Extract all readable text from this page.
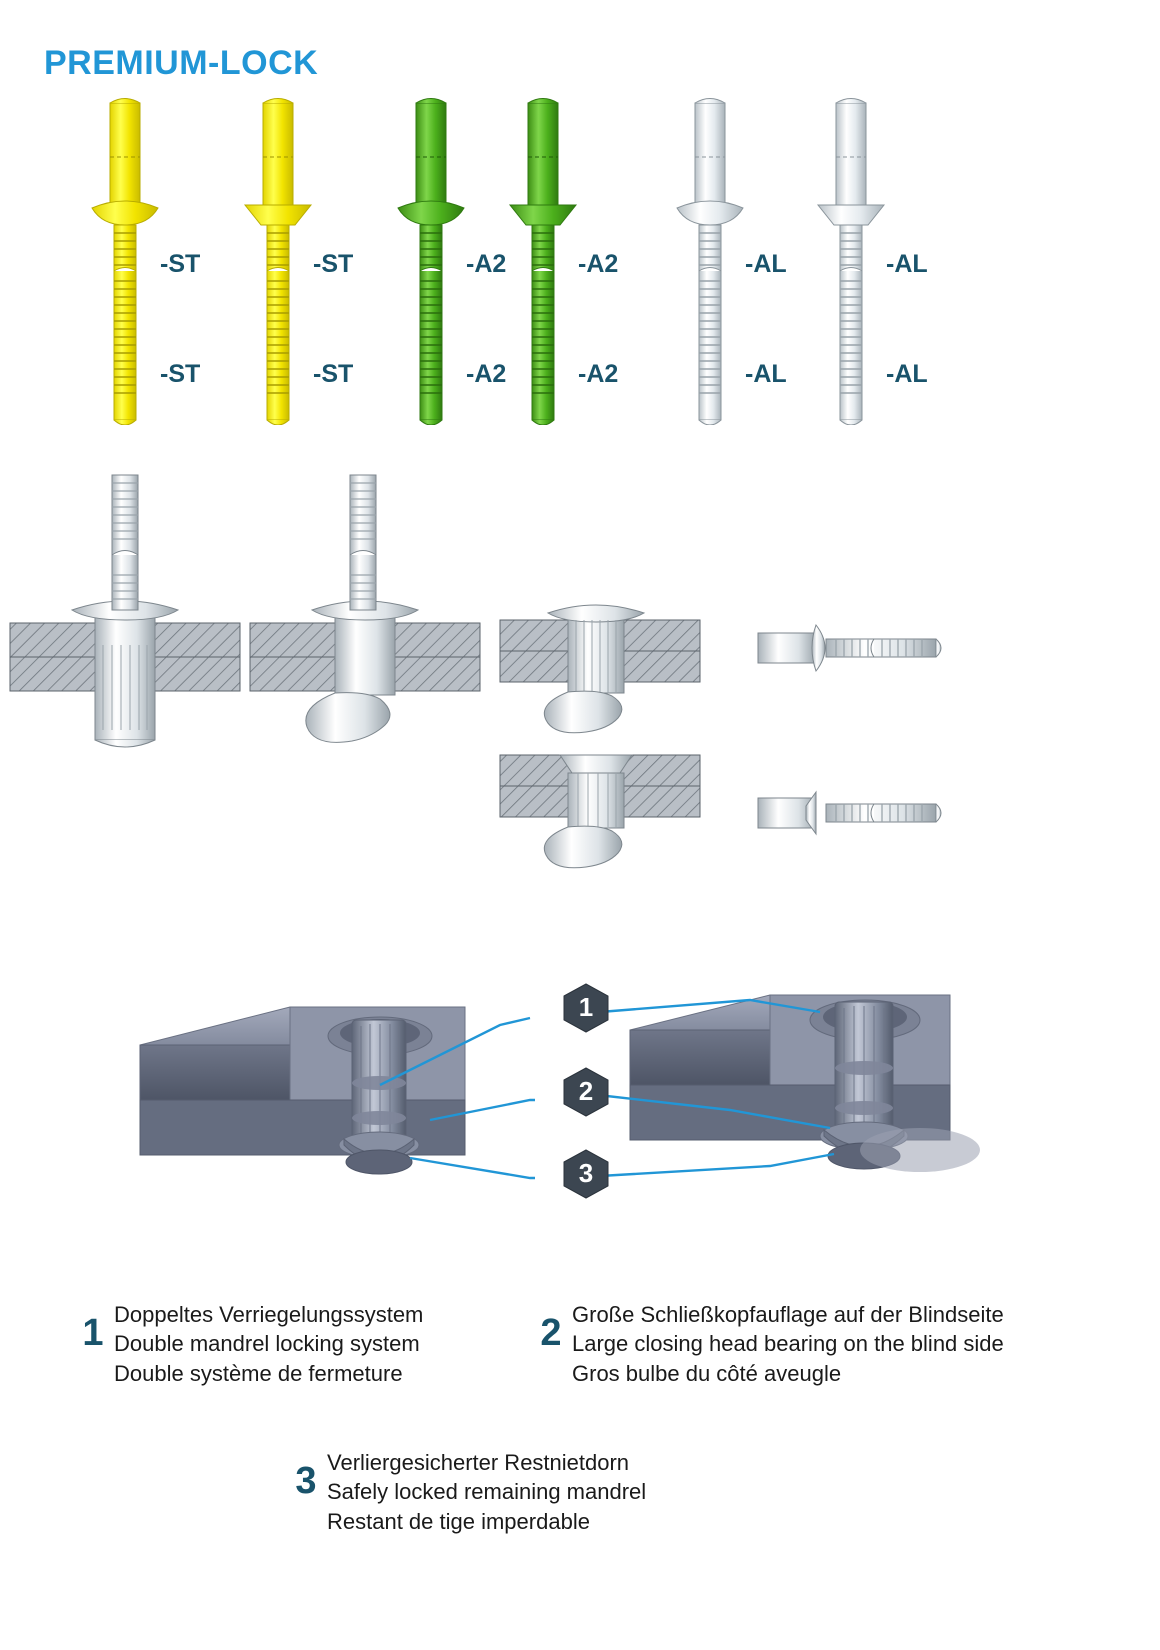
PREMIUM-LOCK
-ST
-ST
-ST
-ST
-A2
-A2
-A2
-A2
-AL
-AL
-AL
-AL
1
2
3
1 Doppeltes Verriegelungssystem
Double mandrel locking system
Double système de fermeture
2 Große Schließkopfauflage auf der Blindseite
Large closing head bearing on the blind side
Gros bulbe du côté aveugle
3 Verliergesicherter Restnietdorn
Safely locked remaining mandrel
Restant de tige imperdable
